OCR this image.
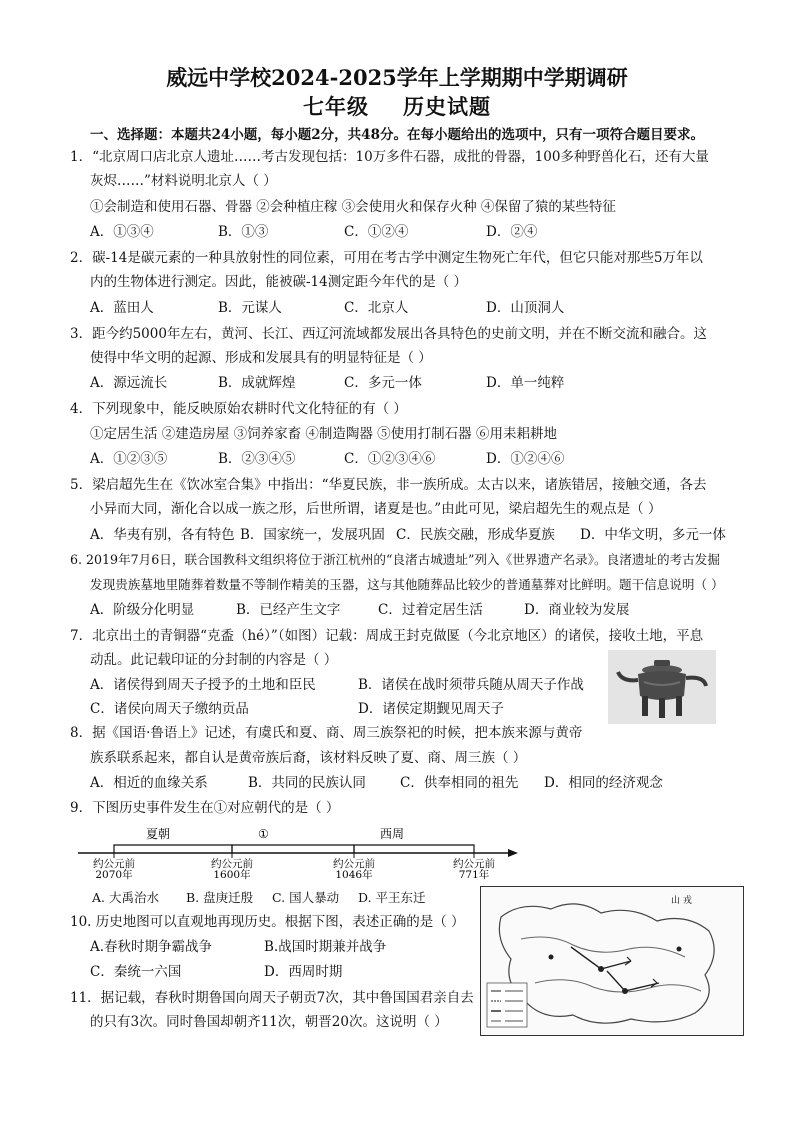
威远中学校2024-2025学年上学期期中学期调研
七年级 历史试题
一、选择题：本题共24小题，每小题2分，共48分。在每小题给出的选项中，只有一项符合题目要求。
1．“北京周口店北京人遗址……考古发现包括：10万多件石器，成批的骨器，100多种野兽化石，还有大量
灰烬……”材料说明北京人（ ）
①会制造和使用石器、骨器 ②会种植庄稼 ③会使用火和保存火种 ④保留了猿的某些特征
A．①③④	B．①③	C．①②④	D．②④
2．碳-14是碳元素的一种具放射性的同位素，可用在考古学中测定生物死亡年代，但它只能对那些5万年以
内的生物体进行测定。因此，能被碳-14测定距今年代的是（ ）
A．蓝田人	B．元谋人	C．北京人	D．山顶洞人
3．距今约5000年左右，黄河、长江、西辽河流域都发展出各具特色的史前文明，并在不断交流和融合。这
使得中华文明的起源、形成和发展具有的明显特征是（ ）
A．源远流长	B．成就辉煌	C．多元一体	D．单一纯粹
4．下列现象中，能反映原始农耕时代文化特征的有（ ）
①定居生活 ②建造房屋 ③饲养家畜 ④制造陶器 ⑤使用打制石器 ⑥用耒耜耕地
A．①②③⑤	B．②③④⑤	C．①②③④⑥	D．①②④⑥
5．梁启超先生在《饮冰室合集》中指出：“华夏民族，非一族所成。太古以来，诸族错居，接触交通，各去
小异而大同，渐化合以成一族之形，后世所谓，诸夏是也。”由此可见，梁启超先生的观点是（ ）
A．华夷有别，各有特色 B．国家统一，发展巩固 C．民族交融，形成华夏族 D．中华文明，多元一体
6. 2019年7月6日，联合国教科文组织将位于浙江杭州的“良渚古城遗址”列入《世界遗产名录》。良渚遗址的考古发掘
发现贵族墓地里随葬着数量不等制作精美的玉器，这与其他随葬品比较少的普通墓葬对比鲜明。题干信息说明（ ）
A．阶级分化明显	B．已经产生文字	C．过着定居生活	D．商业较为发展
7．北京出土的青铜器“克盉（hé）”（如图）记载：周成王封克做匽（今北京地区）的诸侯，接收土地，平息
动乱。此记载印证的分封制的内容是（ ）
A．诸侯得到周天子授予的土地和臣民	B．诸侯在战时须带兵随从周天子作战
C．诸侯向周天子缴纳贡品	D．诸侯定期觐见周天子
8．据《国语·鲁语上》记述，有虞氏和夏、商、周三族祭祀的时候，把本族来源与黄帝
族系联系起来，都自认是黄帝族后裔，该材料反映了夏、商、周三族（ ）
A．相近的血缘关系	B．共同的民族认同	C．供奉相同的祖先 D．相同的经济观念
9．下图历史事件发生在①对应朝代的是（ ）
夏朝	①	西周
约公元前
2070年
约公元前
1600年
约公元前
1046年
约公元前
771年
A. 大禹治水 B. 盘庚迁殷 C. 国人暴动 D. 平王东迁
10. 历史地图可以直观地再现历史。根据下图，表述正确的是（ ）
A.春秋时期争霸战争	B.战国时期兼并战争
C．秦统一六国	D．西周时期
11．据记载，春秋时期鲁国向周天子朝贡7次，其中鲁国国君亲自去
的只有3次。同时鲁国却朝齐11次，朝晋20次。这说明（ ）
山 戎
